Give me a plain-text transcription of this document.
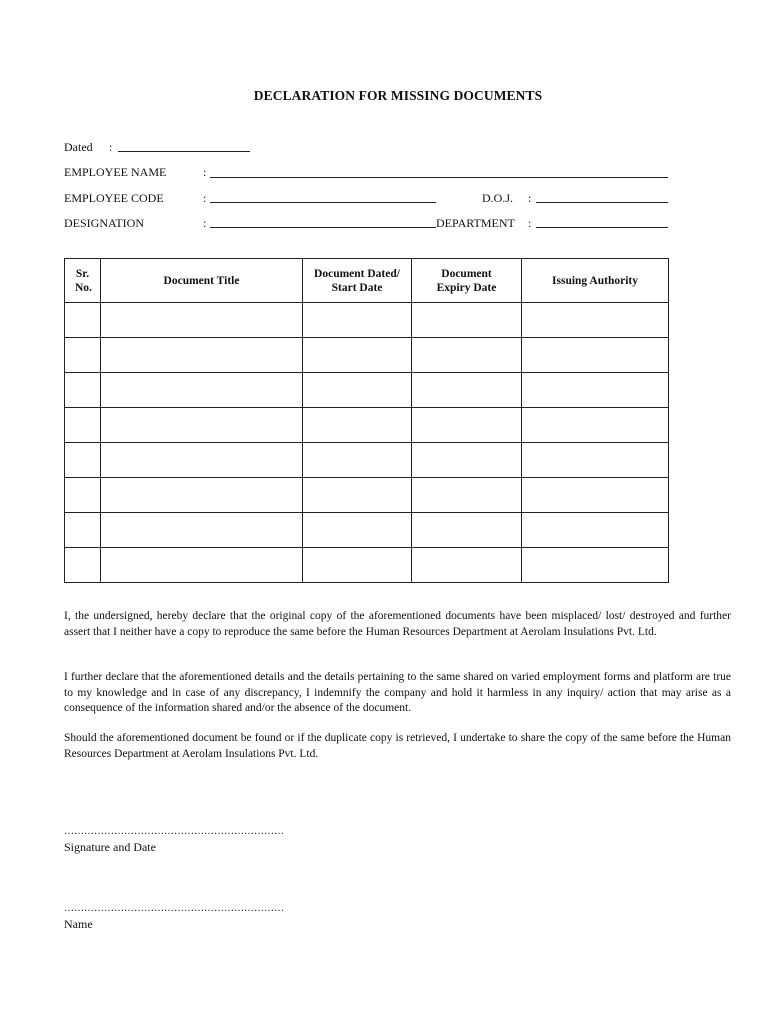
DECLARATION FOR MISSING DOCUMENTS
Dated :
EMPLOYEE NAME	:
EMPLOYEE CODE	:	D.O.J. :
DESIGNATION	:	DEPARTMENT :
Sr. No.	Document Title	Document Dated/ Start Date	Document Expiry Date	Issuing Authority

I, the undersigned, hereby declare that the original copy of the aforementioned documents have been misplaced/ lost/ destroyed and further assert that I neither have a copy to reproduce the same before the Human Resources Department at Aerolam Insulations Pvt. Ltd.
I further declare that the aforementioned details and the details pertaining to the same shared on varied employment forms and platform are true to my knowledge and in case of any discrepancy, I indemnify the company and hold it harmless in any inquiry/ action that may arise as a consequence of the information shared and/or the absence of the document.
Should the aforementioned document be found or if the duplicate copy is retrieved, I undertake to share the copy of the same before the Human Resources Department at Aerolam Insulations Pvt. Ltd.
…………………………………………………………
Signature and Date
…………………………………………………………
Name
